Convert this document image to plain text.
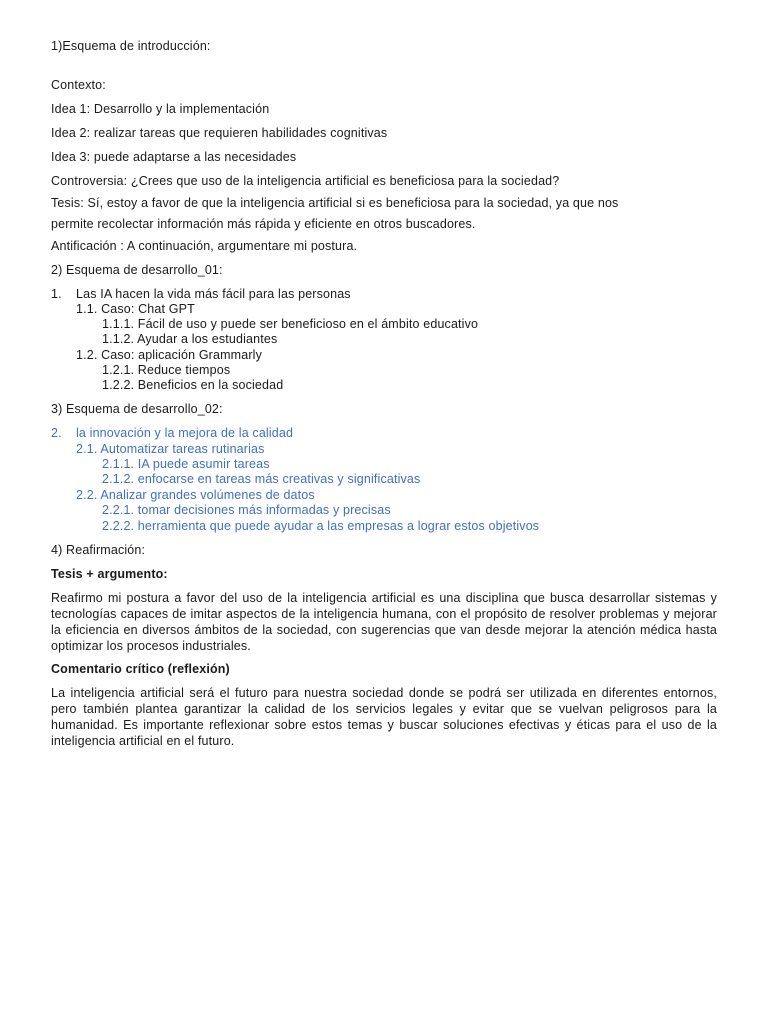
1)Esquema de introducción:
Contexto:
Idea 1: Desarrollo y la implementación
Idea 2: realizar tareas que requieren habilidades cognitivas
Idea 3: puede adaptarse a las necesidades
Controversia: ¿Crees que uso de la inteligencia artificial es beneficiosa para la sociedad?
Tesis: Sí, estoy a favor de que la inteligencia artificial si es beneficiosa para la sociedad, ya que nos
permite recolectar información más rápida y eficiente en otros buscadores.
Antificación : A continuación, argumentare mi postura.
2) Esquema de desarrollo_01:
1. Las IA hacen la vida más fácil para las personas
1.1. Caso: Chat GPT
1.1.1. Fácil de uso y puede ser beneficioso en el ámbito educativo
1.1.2. Ayudar a los estudiantes
1.2. Caso: aplicación Grammarly
1.2.1. Reduce tiempos
1.2.2. Beneficios en la sociedad
3) Esquema de desarrollo_02:
2. la innovación y la mejora de la calidad
2.1. Automatizar tareas rutinarias
2.1.1. IA puede asumir tareas
2.1.2. enfocarse en tareas más creativas y significativas
2.2. Analizar grandes volúmenes de datos
2.2.1. tomar decisiones más informadas y precisas
2.2.2. herramienta que puede ayudar a las empresas a lograr estos objetivos
4) Reafirmación:
Tesis + argumento:
Reafirmo mi postura a favor del uso de la inteligencia artificial es una disciplina que busca desarrollar sistemas y tecnologías capaces de imitar aspectos de la inteligencia humana, con el propósito de resolver problemas y mejorar la eficiencia en diversos ámbitos de la sociedad, con sugerencias que van desde mejorar la atención médica hasta optimizar los procesos industriales.
Comentario crítico (reflexión)
La inteligencia artificial será el futuro para nuestra sociedad donde se podrá ser utilizada en diferentes entornos, pero también plantea garantizar la calidad de los servicios legales y evitar que se vuelvan peligrosos para la humanidad. Es importante reflexionar sobre estos temas y buscar soluciones efectivas y éticas para el uso de la inteligencia artificial en el futuro.
